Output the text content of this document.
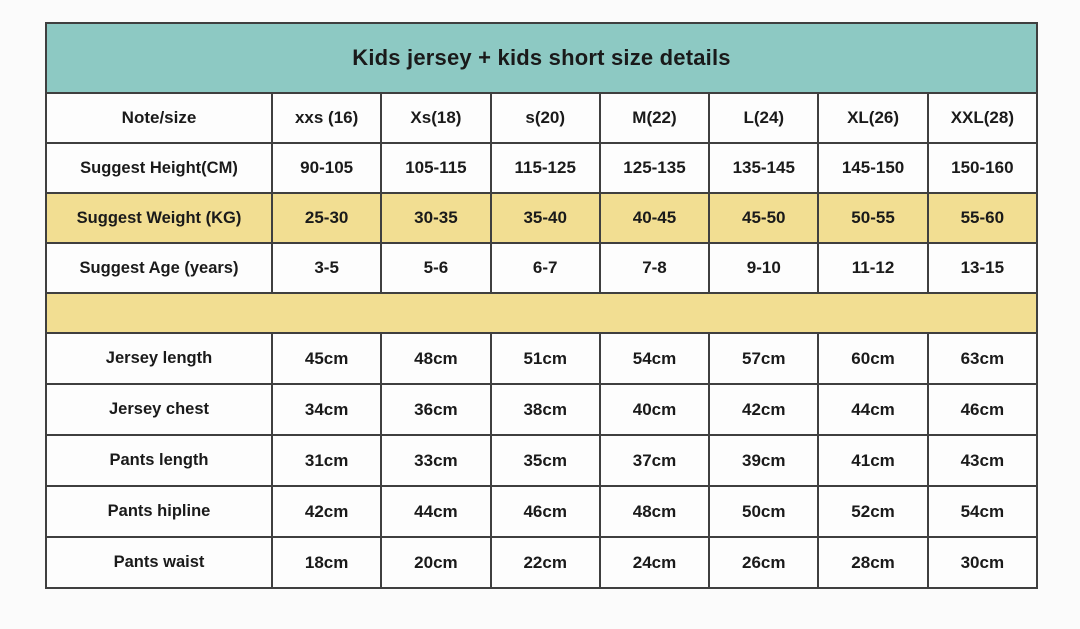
Kids jersey + kids short size details							
Note/size	xxs (16)	Xs(18)	s(20)	M(22)	L(24)	XL(26)	XXL(28)
Suggest Height(CM)	90-105	105-115	115-125	125-135	135-145	145-150	150-160
Suggest Weight (KG)	25-30	30-35	35-40	40-45	45-50	50-55	55-60
Suggest Age (years)	3-5	5-6	6-7	7-8	9-10	11-12	13-15

Jersey length	45cm	48cm	51cm	54cm	57cm	60cm	63cm
Jersey chest	34cm	36cm	38cm	40cm	42cm	44cm	46cm
Pants length	31cm	33cm	35cm	37cm	39cm	41cm	43cm
Pants hipline	42cm	44cm	46cm	48cm	50cm	52cm	54cm
Pants waist	18cm	20cm	22cm	24cm	26cm	28cm	30cm
